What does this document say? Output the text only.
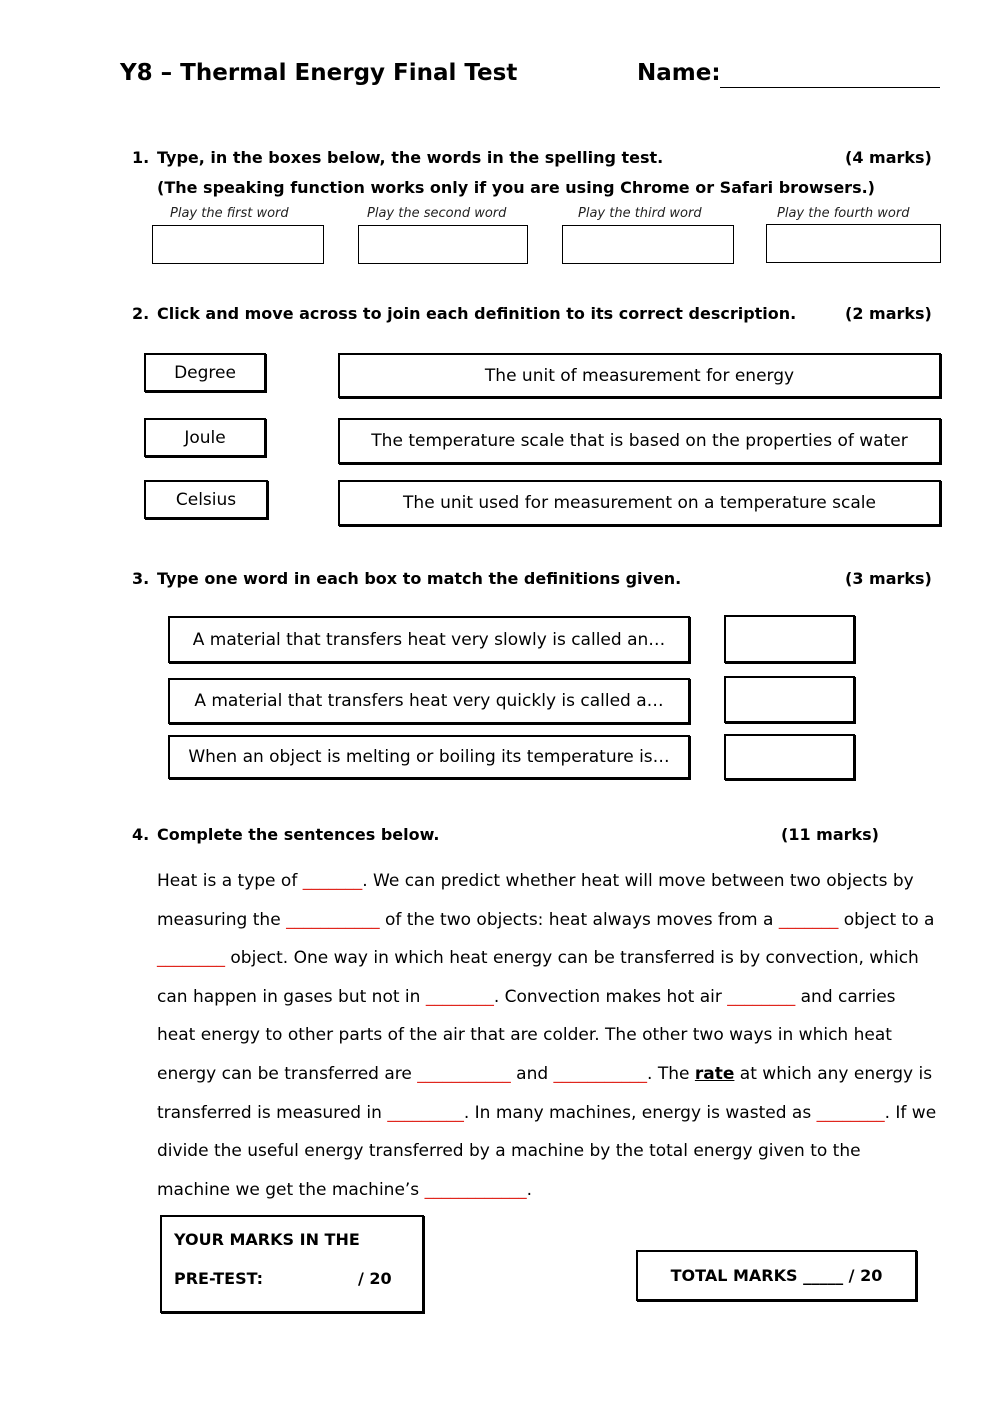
Y8 – Thermal Energy Final Test	Name:
1. Type, in the boxes below, the words in the spelling test.	(4 marks)
(The speaking function works only if you are using Chrome or Safari browsers.)
Play the first word	Play the second word	Play the third word	Play the fourth word
2. Click and move across to join each definition to its correct description.	(2 marks)
Degree
Joule
Celsius
The unit of measurement for energy
The temperature scale that is based on the properties of water
The unit used for measurement on a temperature scale
3. Type one word in each box to match the definitions given.	(3 marks)
A material that transfers heat very slowly is called an…
A material that transfers heat very quickly is called a…
When an object is melting or boiling its temperature is…
4. Complete the sentences below.	(11 marks)
Heat is a type of _______. We can predict whether heat will move between two objects by measuring the ___________ of the two objects: heat always moves from a _______ object to a ________ object. One way in which heat energy can be transferred is by convection, which can happen in gases but not in ________. Convection makes hot air ________ and carries heat energy to other parts of the air that are colder. The other two ways in which heat energy can be transferred are ___________ and ___________. The rate at which any energy is transferred is measured in _________. In many machines, energy is wasted as ________. If we divide the useful energy transferred by a machine by the total energy given to the machine we get the machine’s ____________.
YOUR MARKS IN THE
PRE-TEST:	/ 20	TOTAL MARKS _____ / 20
